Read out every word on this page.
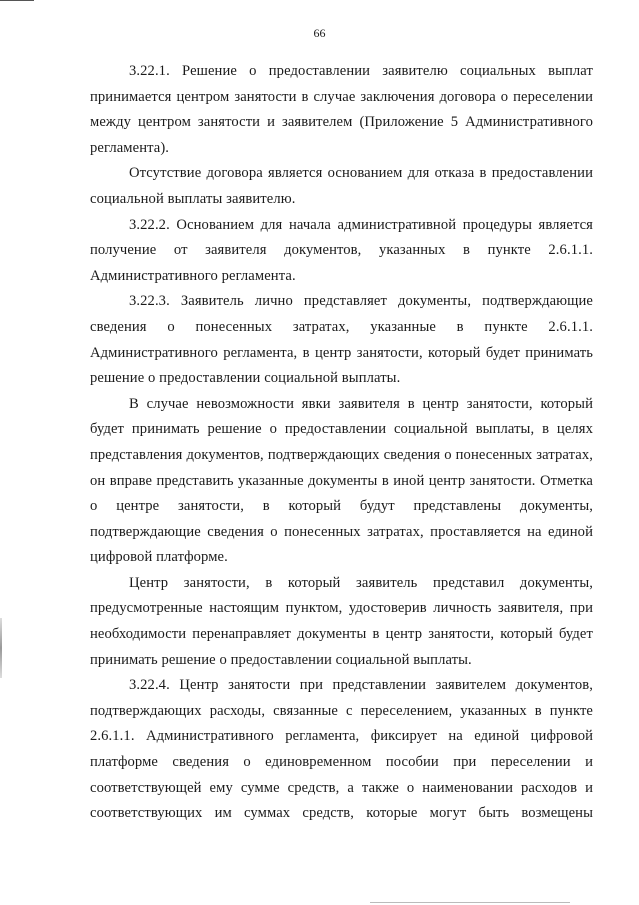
66

3.22.1. Решение о предоставлении заявителю социальных выплат принимается центром занятости в случае заключения договора о переселении между центром занятости и заявителем (Приложение 5 Административного регламента).

Отсутствие договора является основанием для отказа в предоставлении социальной выплаты заявителю.

3.22.2. Основанием для начала административной процедуры является получение от заявителя документов, указанных в пункте 2.6.1.1. Административного регламента.

3.22.3. Заявитель лично представляет документы, подтверждающие сведения о понесенных затратах, указанные в пункте 2.6.1.1. Административного регламента, в центр занятости, который будет принимать решение о предоставлении социальной выплаты.

В случае невозможности явки заявителя в центр занятости, который будет принимать решение о предоставлении социальной выплаты, в целях представления документов, подтверждающих сведения о понесенных затратах, он вправе представить указанные документы в иной центр занятости. Отметка о центре занятости, в который будут представлены документы, подтверждающие сведения о понесенных затратах, проставляется на единой цифровой платформе.

Центр занятости, в который заявитель представил документы, предусмотренные настоящим пунктом, удостоверив личность заявителя, при необходимости перенаправляет документы в центр занятости, который будет принимать решение о предоставлении социальной выплаты.

3.22.4. Центр занятости при представлении заявителем документов, подтверждающих расходы, связанные с переселением, указанных в пункте 2.6.1.1. Административного регламента, фиксирует на единой цифровой платформе сведения о единовременном пособии при переселении и соответствующей ему сумме средств, а также о наименовании расходов и соответствующих им суммах средств, которые могут быть возмещены
